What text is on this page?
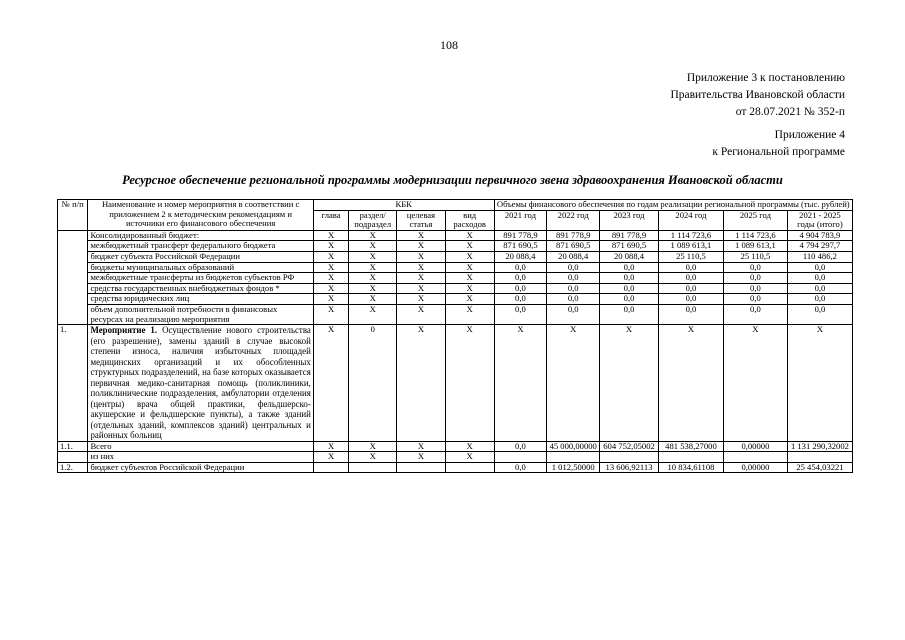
108
Приложение 3 к постановлению
Правительства Ивановской области
от 28.07.2021 № 352-п
Приложение 4
к Региональной программе
Ресурсное обеспечение региональной программы модернизации первичного звена здравоохранения Ивановской области
№ п/п	Наименование и номер мероприятия в соответствии с приложением 2 к методическим рекомендациям и источники его финансового обеспечения	КБК				Объемы финансового обеспечения по годам реализации региональной программы (тыс. рублей)					
		глава	раздел/ подраздел	целевая статья	вид расходов	2021 год	2022 год	2023 год	2024 год	2025 год	2021 - 2025 годы (итого)
	Консолидированный бюджет:	X	X	X	X	891 778,9	891 778,9	891 778,9	1 114 723,6	1 114 723,6	4 904 783,9
	межбюджетный трансферт федерального бюджета	X	X	X	X	871 690,5	871 690,5	871 690,5	1 089 613,1	1 089 613,1	4 794 297,7
	бюджет субъекта Российской Федерации	X	X	X	X	20 088,4	20 088,4	20 088,4	25 110,5	25 110,5	110 486,2
	бюджеты муниципальных образований	X	X	X	X	0,0	0,0	0,0	0,0	0,0	0,0
	межбюджетные трансферты из бюджетов субъектов РФ	X	X	X	X	0,0	0,0	0,0	0,0	0,0	0,0
	средства государственных внебюджетных фондов *	X	X	X	X	0,0	0,0	0,0	0,0	0,0	0,0
	средства юридических лиц	X	X	X	X	0,0	0,0	0,0	0,0	0,0	0,0
	объем дополнительной потребности в финансовых ресурсах на реализацию мероприятия	X	X	X	X	0,0	0,0	0,0	0,0	0,0	0,0
1.	Мероприятие 1. Осуществление нового строительства (его разрешение), замены зданий в случае высокой степени износа, наличия избыточных площадей медицинских организаций и их обособленных структурных подразделений, на базе которых оказывается первичная медико-санитарная помощь (поликлиники, поликлинические подразделения, амбулатории отделения (центры) врача общей практики, фельдшерско-акушерские и фельдшерские пункты), а также зданий (отдельных зданий, комплексов зданий) центральных и районных больниц	X	0	X	X	X	X	X	X	X	X
1.1.	Всего	X	X	X	X	0,0	45 000,00000	604 752,05002	481 538,27000	0,00000	1 131 290,32002
	из них	X	X	X	X						
1.2.	бюджет субъектов Российской Федерации					0,0	1 012,50000	13 606,92113	10 834,61108	0,00000	25 454,03221
